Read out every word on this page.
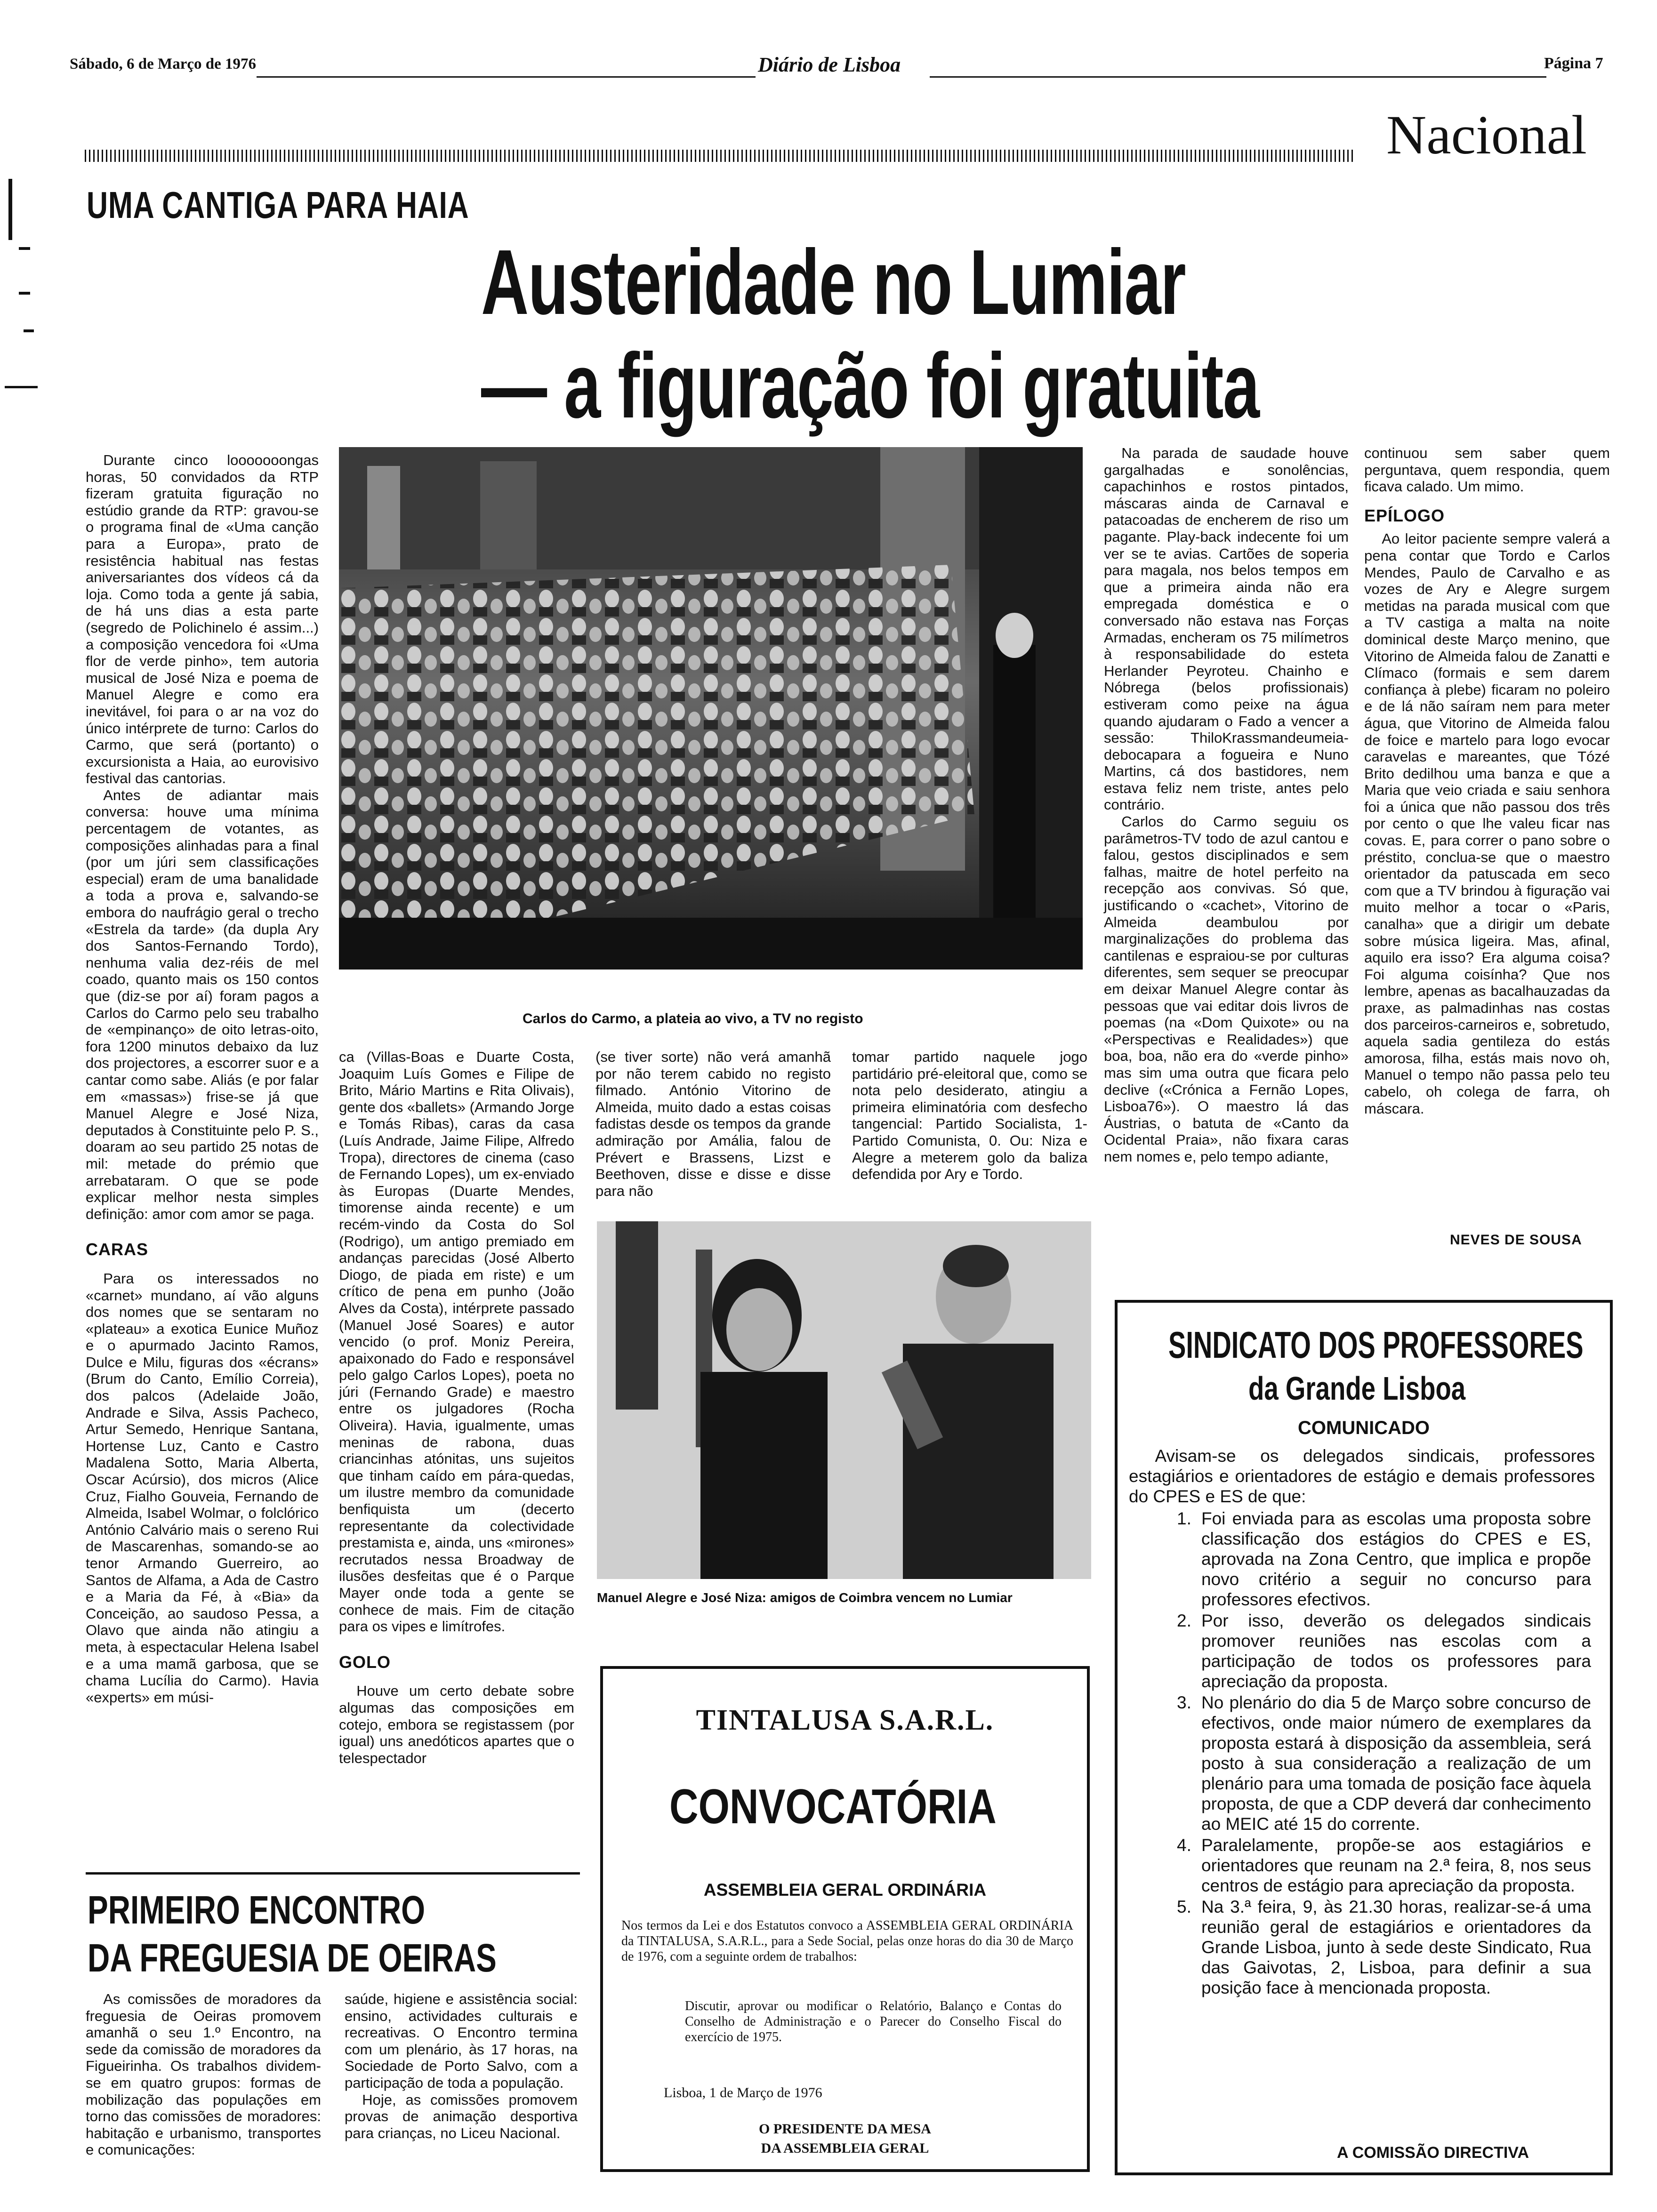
Sábado, 6 de Março de 1976	Diário de Lisboa	Página 7
Nacional
UMA CANTIGA PARA HAIA
Austeridade no Lumiar
— a figuração foi gratuita
Carlos do Carmo, a plateia ao vivo, a TV no registo

Durante cinco looooooongas horas, 50 convidados da RTP fizeram gratuita figuração no estúdio grande da RTP: gravou-se o programa final de «Uma canção para a Europa», prato de resistência habitual nas festas aniversariantes dos vídeos cá da loja. Como toda a gente já sabia, de há uns dias a esta parte (segredo de Polichinelo é assim...) a composição vencedora foi «Uma flor de verde pinho», tem autoria musical de José Niza e poema de Manuel Alegre e como era inevitável, foi para o ar na voz do único intérprete de turno: Carlos do Carmo, que será (portanto) o excursionista a Haia, ao eurovisivo festival das cantorias.

Antes de adiantar mais conversa: houve uma mínima percentagem de votantes, as composições alinhadas para a final (por um júri sem classificações especial) eram de uma banalidade a toda a prova e, salvando-se embora do naufrágio geral o trecho «Estrela da tarde» (da dupla Ary dos Santos-Fernando Tordo), nenhuma valia dez-réis de mel coado, quanto mais os 150 contos que (diz-se por aí) foram pagos a Carlos do Carmo pelo seu trabalho de «empinanço» de oito letras-oito, fora 1200 minutos debaixo da luz dos projectores, a escorrer suor e a cantar como sabe. Aliás (e por falar em «massas») frise-se já que Manuel Alegre e José Niza, deputados à Constituinte pelo P. S., doaram ao seu partido 25 notas de mil: metade do prémio que arrebataram. O que se pode explicar melhor nesta simples definição: amor com amor se paga.

CARAS

Para os interessados no «carnet» mundano, aí vão alguns dos nomes que se sentaram no «plateau» a exotica Eunice Muñoz e o apurmado Jacinto Ramos, Dulce e Milu, figuras dos «écrans» (Brum do Canto, Emílio Correia), dos palcos (Adelaide João, Andrade e Silva, Assis Pacheco, Artur Semedo, Henrique Santana, Hortense Luz, Canto e Castro Madalena Sotto, Maria Alberta, Oscar Acúrsio), dos micros (Alice Cruz, Fialho Gouveia, Fernando de Almeida, Isabel Wolmar, o folclórico António Calvário mais o sereno Rui de Mascarenhas, somando-se ao tenor Armando Guerreiro, ao Santos de Alfama, a Ada de Castro e a Maria da Fé, à «Bia» da Conceição, ao saudoso Pessa, a Olavo que ainda não atingiu a meta, à espectacular Helena Isabel e a uma mamã garbosa, que se chama Lucília do Carmo). Havia «experts» em músi-

ca (Villas-Boas e Duarte Costa, Joaquim Luís Gomes e Filipe de Brito, Mário Martins e Rita Olivais), gente dos «ballets» (Armando Jorge e Tomás Ribas), caras da casa (Luís Andrade, Jaime Filipe, Alfredo Tropa), directores de cinema (caso de Fernando Lopes), um ex-enviado às Europas (Duarte Mendes, timorense ainda recente) e um recém-vindo da Costa do Sol (Rodrigo), um antigo premiado em andanças parecidas (José Alberto Diogo, de piada em riste) e um crítico de pena em punho (João Alves da Costa), intérprete passado (Manuel José Soares) e autor vencido (o prof. Moniz Pereira, apaixonado do Fado e responsável pelo galgo Carlos Lopes), poeta no júri (Fernando Grade) e maestro entre os julgadores (Rocha Oliveira). Havia, igualmente, umas meninas de rabona, duas criancinhas atónitas, uns sujeitos que tinham caído em pára-quedas, um ilustre membro da comunidade benfiquista um (decerto representante da colectividade prestamista e, ainda, uns «mirones» recrutados nessa Broadway de ilusões desfeitas que é o Parque Mayer onde toda a gente se conhece de mais. Fim de citação para os vipes e limítrofes.

GOLO

Houve um certo debate sobre algumas das composições em cotejo, embora se registassem (por igual) uns anedóticos apartes que o telespectador

(se tiver sorte) não verá amanhã por não terem cabido no registo filmado. António Vitorino de Almeida, muito dado a estas coisas fadistas desde os tempos da grande admiração por Amália, falou de Prévert e Brassens, Lizst e Beethoven, disse e disse e disse para não

tomar partido naquele jogo partidário pré-eleitoral que, como se nota pelo desiderato, atingiu a primeira eliminatória com desfecho tangencial: Partido Socialista, 1-Partido Comunista, 0. Ou: Niza e Alegre a meterem golo da baliza defendida por Ary e Tordo.

Manuel Alegre e José Niza: amigos de Coimbra vencem no Lumiar

Na parada de saudade houve gargalhadas e sonolências, capachinhos e rostos pintados, máscaras ainda de Carnaval e patacoadas de encherem de riso um pagante. Play-back indecente foi um ver se te avias. Cartões de soperia para magala, nos belos tempos em que a primeira ainda não era empregada doméstica e o conversado não estava nas Forças Armadas, encheram os 75 milímetros à responsabilidade do esteta Herlander Peyroteu. Chainho e Nóbrega (belos profissionais) estiveram como peixe na água quando ajudaram o Fado a vencer a sessão: ThiloKrassmandeumeia-debocapara a fogueira e Nuno Martins, cá dos bastidores, nem estava feliz nem triste, antes pelo contrário.

Carlos do Carmo seguiu os parâmetros-TV todo de azul cantou e falou, gestos disciplinados e sem falhas, maitre de hotel perfeito na recepção aos convivas. Só que, justificando o «cachet», Vitorino de Almeida deambulou por marginalizações do problema das cantilenas e espraiou-se por culturas diferentes, sem sequer se preocupar em deixar Manuel Alegre contar às pessoas que vai editar dois livros de poemas (na «Dom Quixote» ou na «Perspectivas e Realidades») que boa, boa, não era do «verde pinho» mas sim uma outra que ficara pelo declive («Crónica a Fernão Lopes, Lisboa76»). O maestro lá das Áustrias, o batuta de «Canto da Ocidental Praia», não fixara caras nem nomes e, pelo tempo adiante,

continuou sem saber quem perguntava, quem respondia, quem ficava calado. Um mimo.

EPÍLOGO

Ao leitor paciente sempre valerá a pena contar que Tordo e Carlos Mendes, Paulo de Carvalho e as vozes de Ary e Alegre surgem metidas na parada musical com que a TV castiga a malta na noite dominical deste Março menino, que Vitorino de Almeida falou de Zanatti e Clímaco (formais e sem darem confiança à plebe) ficaram no poleiro e de lá não saíram nem para meter água, que Vitorino de Almeida falou de foice e martelo para logo evocar caravelas e mareantes, que Tózé Brito dedilhou uma banza e que a Maria que veio criada e saiu senhora foi a única que não passou dos três por cento o que lhe valeu ficar nas covas. E, para correr o pano sobre o préstito, conclua-se que o maestro orientador da patuscada em seco com que a TV brindou à figuração vai muito melhor a tocar o «Paris, canalha» que a dirigir um debate sobre música ligeira. Mas, afinal, aquilo era isso? Era alguma coisa? Foi alguma coisínha? Que nos lembre, apenas as bacalhauzadas da praxe, as palmadinhas nas costas dos parceiros-carneiros e, sobretudo, aquela sadia gentileza do estás amorosa, filha, estás mais novo oh, Manuel o tempo não passa pelo teu cabelo, oh colega de farra, oh máscara.

NEVES DE SOUSA
PRIMEIRO ENCONTRO
DA FREGUESIA DE OEIRAS

As comissões de moradores da freguesia de Oeiras promovem amanhã o seu 1.º Encontro, na sede da comissão de moradores da Figueirinha. Os trabalhos dividem-se em quatro grupos: formas de mobilização das populações em torno das comissões de moradores: habitação e urbanismo, transportes e comunicações:

saúde, higiene e assistência social: ensino, actividades culturais e recreativas. O Encontro termina com um plenário, às 17 horas, na Sociedade de Porto Salvo, com a participação de toda a população.

Hoje, as comissões promovem provas de animação desportiva para crianças, no Liceu Nacional.

TINTALUSA S.A.R.L.
CONVOCATÓRIA
ASSEMBLEIA GERAL ORDINÁRIA
Nos termos da Lei e dos Estatutos convoco a ASSEMBLEIA GERAL ORDINÁRIA da TINTALUSA, S.A.R.L., para a Sede Social, pelas onze horas do dia 30 de Março de 1976, com a seguinte ordem de trabalhos:
Discutir, aprovar ou modificar o Relatório, Balanço e Contas do Conselho de Administração e o Parecer do Conselho Fiscal do exercício de 1975.
Lisboa, 1 de Março de 1976
O PRESIDENTE DA MESA
DA ASSEMBLEIA GERAL
SINDICATO DOS PROFESSORES
da Grande Lisboa
COMUNICADO
Avisam-se os delegados sindicais, professores estagiários e orientadores de estágio e demais professores do CPES e ES de que:
1. Foi enviada para as escolas uma proposta sobre classificação dos estágios do CPES e ES, aprovada na Zona Centro, que implica e propõe novo critério a seguir no concurso para professores efectivos.
2. Por isso, deverão os delegados sindicais promover reuniões nas escolas com a participação de todos os professores para apreciação da proposta.
3. No plenário do dia 5 de Março sobre concurso de efectivos, onde maior número de exemplares da proposta estará à disposição da assembleia, será posto à sua consideração a realização de um plenário para uma tomada de posição face àquela proposta, de que a CDP deverá dar conhecimento ao MEIC até 15 do corrente.
4. Paralelamente, propõe-se aos estagiários e orientadores que reunam na 2.ª feira, 8, nos seus centros de estágio para apreciação da proposta.
5. Na 3.ª feira, 9, às 21.30 horas, realizar-se-á uma reunião geral de estagiários e orientadores da Grande Lisboa, junto à sede deste Sindicato, Rua das Gaivotas, 2, Lisboa, para definir a sua posição face à mencionada proposta.
A COMISSÃO DIRECTIVA
